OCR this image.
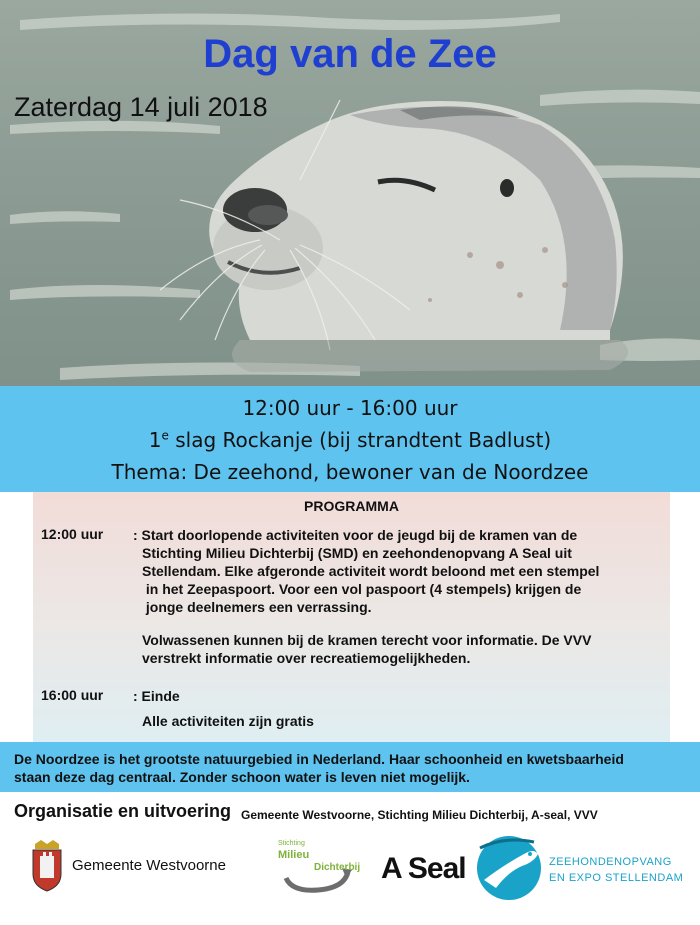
Dag van de Zee
Zaterdag 14 juli 2018
12:00 uur - 16:00 uur
1e slag Rockanje (bij strandtent Badlust)
Thema: De zeehond, bewoner van de Noordzee
PROGRAMMA
12:00 uur : Start doorlopende activiteiten voor de jeugd bij de kramen van de
Stichting Milieu Dichterbij (SMD) en zeehondenopvang A Seal uit
Stellendam. Elke afgeronde activiteit wordt beloond met een stempel
in het Zeepaspoort. Voor een vol paspoort (4 stempels) krijgen de
jonge deelnemers een verrassing.
Volwassenen kunnen bij de kramen terecht voor informatie. De VVV
verstrekt informatie over recreatiemogelijkheden.
16:00 uur : Einde
Alle activiteiten zijn gratis
De Noordzee is het grootste natuurgebied in Nederland. Haar schoonheid en kwetsbaarheid
staan deze dag centraal. Zonder schoon water is leven niet mogelijk.
Organisatie en uitvoering Gemeente Westvoorne, Stichting Milieu Dichterbij, A-seal, VVV
Gemeente Westvoorne
Stichting
Milieu
Dichterbij A Seal	ZEEHONDENOPVANG
EN EXPO STELLENDAM
